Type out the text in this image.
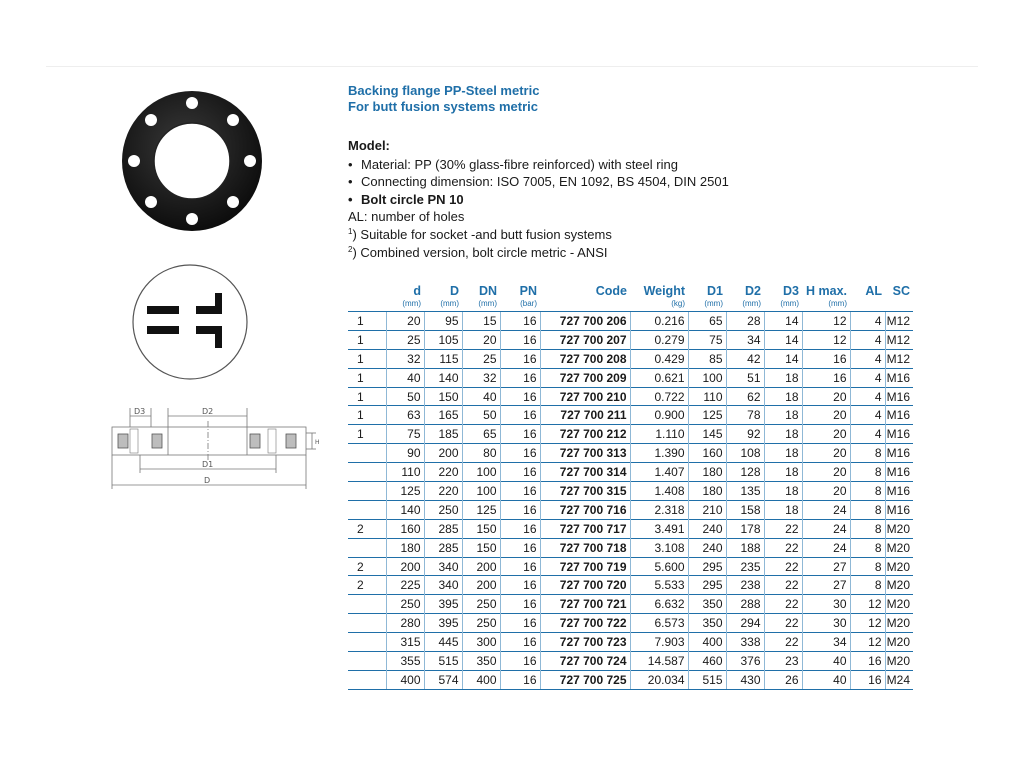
D3	D2
H
D1
D
Backing flange PP-Steel metric
For butt fusion systems metric
Model:
• Material: PP (30% glass-fibre reinforced) with steel ring
• Connecting dimension: ISO 7005, EN 1092, BS 4504, DIN 2501
• Bolt circle PN 10
AL: number of holes
$^1$) Suitable for socket -and butt fusion systems
$^2$) Combined version, bolt circle metric - ANSI
	d	D	DN	PN	Code	Weight	D1	D2	D3	H max.	AL	SC
	(mm)	(mm)	(mm)	(bar)		(kg)	(mm)	(mm)	(mm)	(mm)		
1	20	95	15	16	727 700 206	0.216	65	28	14	12	4	M12
1	25	105	20	16	727 700 207	0.279	75	34	14	12	4	M12
1	32	115	25	16	727 700 208	0.429	85	42	14	16	4	M12
1	40	140	32	16	727 700 209	0.621	100	51	18	16	4	M16
1	50	150	40	16	727 700 210	0.722	110	62	18	20	4	M16
1	63	165	50	16	727 700 211	0.900	125	78	18	20	4	M16
1	75	185	65	16	727 700 212	1.110	145	92	18	20	4	M16
	90	200	80	16	727 700 313	1.390	160	108	18	20	8	M16
	110	220	100	16	727 700 314	1.407	180	128	18	20	8	M16
	125	220	100	16	727 700 315	1.408	180	135	18	20	8	M16
	140	250	125	16	727 700 716	2.318	210	158	18	24	8	M16
2	160	285	150	16	727 700 717	3.491	240	178	22	24	8	M20
	180	285	150	16	727 700 718	3.108	240	188	22	24	8	M20
2	200	340	200	16	727 700 719	5.600	295	235	22	27	8	M20
2	225	340	200	16	727 700 720	5.533	295	238	22	27	8	M20
	250	395	250	16	727 700 721	6.632	350	288	22	30	12	M20
	280	395	250	16	727 700 722	6.573	350	294	22	30	12	M20
	315	445	300	16	727 700 723	7.903	400	338	22	34	12	M20
	355	515	350	16	727 700 724	14.587	460	376	23	40	16	M20
	400	574	400	16	727 700 725	20.034	515	430	26	40	16	M24
